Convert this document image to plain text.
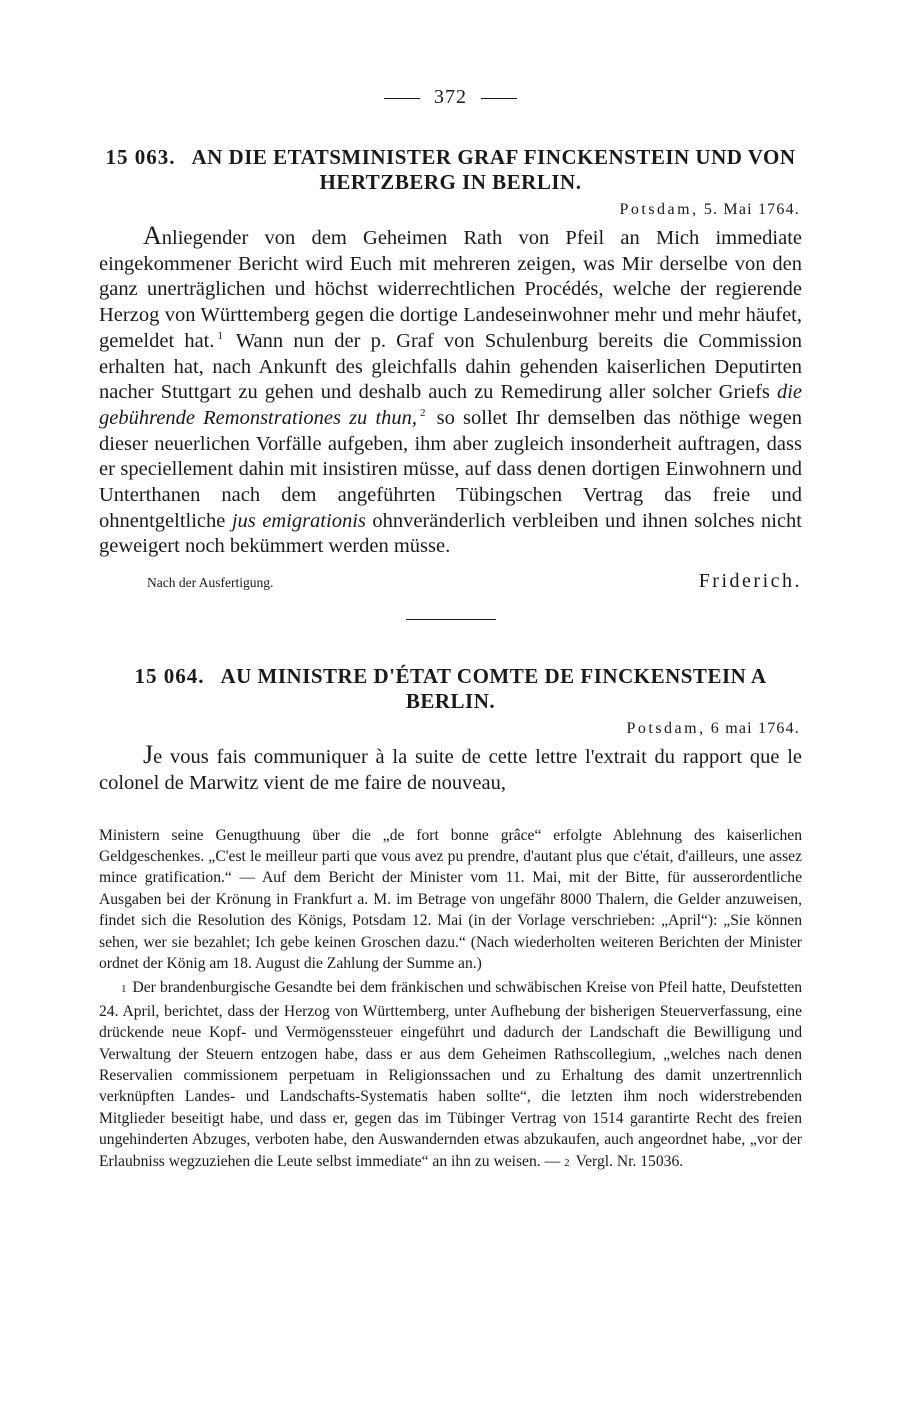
372
15 063. AN DIE ETATSMINISTER GRAF FINCKENSTEIN UND VON HERTZBERG IN BERLIN.
Potsdam, 5. Mai 1764.

Anliegender von dem Geheimen Rath von Pfeil an Mich immediate eingekommener Bericht wird Euch mit mehreren zeigen, was Mir derselbe von den ganz unerträglichen und höchst widerrechtlichen Procédés, welche der regierende Herzog von Württemberg gegen die dortige Landeseinwohner mehr und mehr häufet, gemeldet hat. $^1$ Wann nun der p. Graf von Schulenburg bereits die Commission erhalten hat, nach Ankunft des gleichfalls dahin gehenden kaiserlichen Deputirten nacher Stuttgart zu gehen und deshalb auch zu Remedirung aller solcher Griefs die gebührende Remonstrationes zu thun, $^2$ so sollet Ihr demselben das nöthige wegen dieser neuerlichen Vorfälle aufgeben, ihm aber zugleich insonderheit auftragen, dass er speciellement dahin mit insistiren müsse, auf dass denen dortigen Einwohnern und Unterthanen nach dem angeführten Tübingschen Vertrag das freie und ohnentgeltliche jus emigrationis ohnveränderlich verbleiben und ihnen solches nicht geweigert noch bekümmert werden müsse.

Nach der Ausfertigung.	Friderich.
15 064. AU MINISTRE D'ÉTAT COMTE DE FINCKENSTEIN A BERLIN.
Potsdam, 6 mai 1764.

Je vous fais communiquer à la suite de cette lettre l'extrait du rapport que le colonel de Marwitz vient de me faire de nouveau,

Ministern seine Genugthuung über die „de fort bonne grâce“ erfolgte Ablehnung des kaiserlichen Geldgeschenkes. „C'est le meilleur parti que vous avez pu prendre, d'autant plus que c'était, d'ailleurs, une assez mince gratification.“ — Auf dem Bericht der Minister vom 11. Mai, mit der Bitte, für ausserordentliche Ausgaben bei der Krönung in Frankfurt a. M. im Betrage von ungefähr 8000 Thalern, die Gelder anzuweisen, findet sich die Resolution des Königs, Potsdam 12. Mai (in der Vorlage verschrieben: „April“): „Sie können sehen, wer sie bezahlet; Ich gebe keinen Groschen dazu.“ (Nach wiederholten weiteren Berichten der Minister ordnet der König am 18. August die Zahlung der Summe an.)

1 Der brandenburgische Gesandte bei dem fränkischen und schwäbischen Kreise von Pfeil hatte, Deufstetten 24. April, berichtet, dass der Herzog von Württemberg, unter Aufhebung der bisherigen Steuerverfassung, eine drückende neue Kopf- und Vermögenssteuer eingeführt und dadurch der Landschaft die Bewilligung und Verwaltung der Steuern entzogen habe, dass er aus dem Geheimen Rathscollegium, „welches nach denen Reservalien commissionem perpetuam in Religionssachen und zu Erhaltung des damit unzertrennlich verknüpften Landes- und Landschafts-Systematis haben sollte“, die letzten ihm noch widerstrebenden Mitglieder beseitigt habe, und dass er, gegen das im Tübinger Vertrag von 1514 garantirte Recht des freien ungehinderten Abzuges, verboten habe, den Auswandernden etwas abzukaufen, auch angeordnet habe, „vor der Erlaubniss wegzuziehen die Leute selbst immediate“ an ihn zu weisen. — 2 Vergl. Nr. 15036.
